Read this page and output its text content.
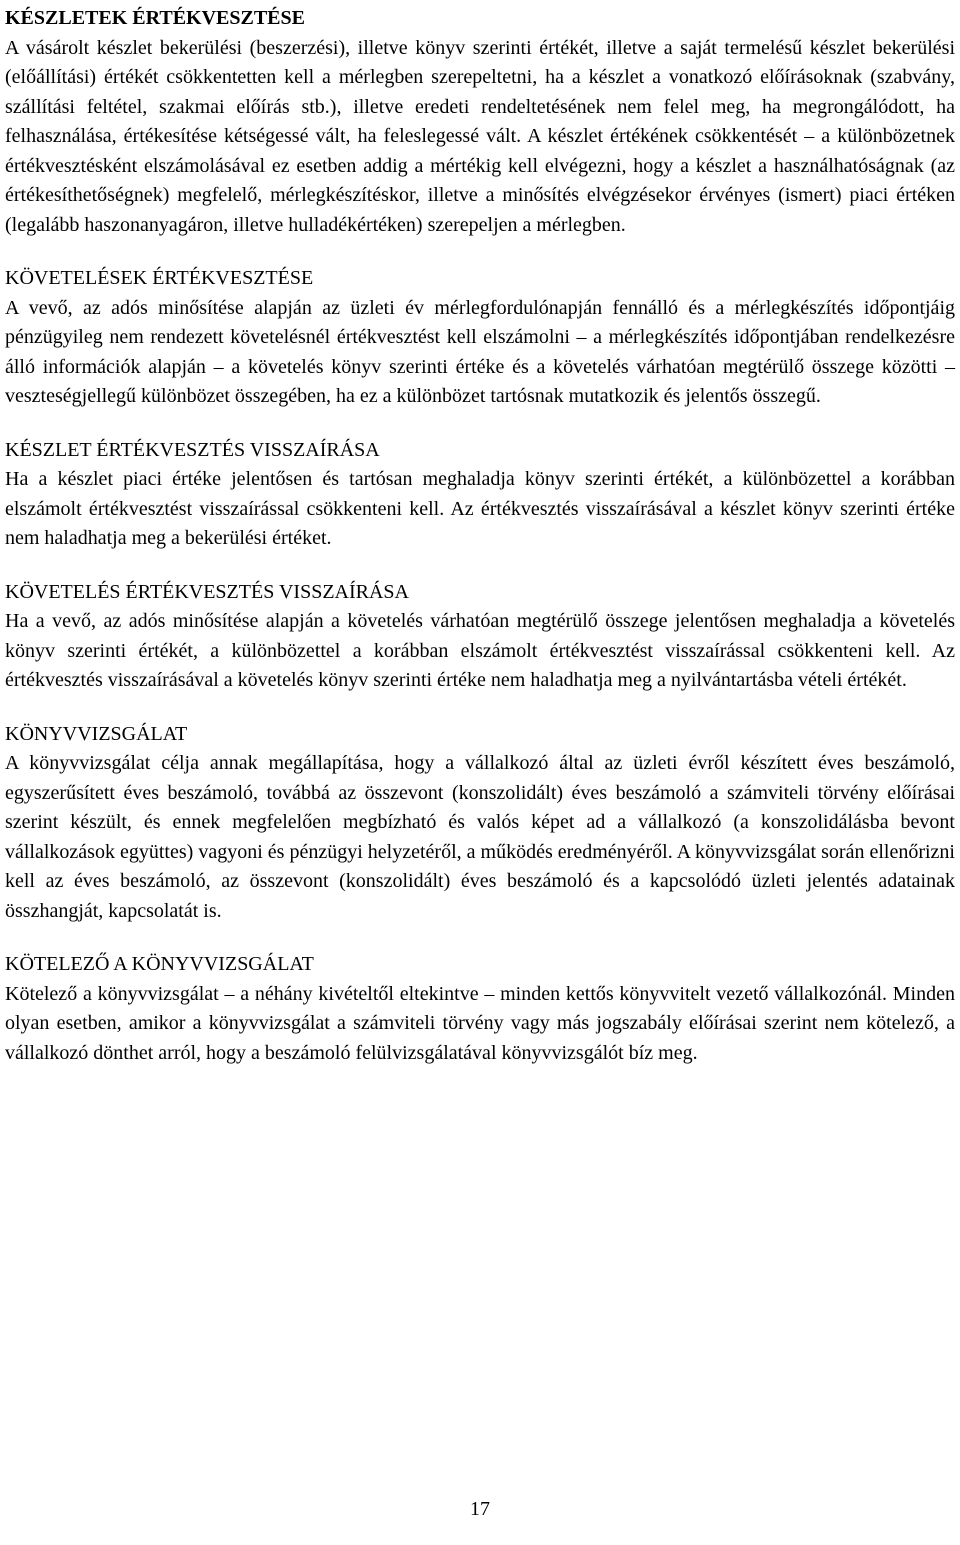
KÉSZLETEK ÉRTÉKVESZTÉSE

A vásárolt készlet bekerülési (beszerzési), illetve könyv szerinti értékét, illetve a saját termelésű készlet bekerülési (előállítási) értékét csökkentetten kell a mérlegben szerepeltetni, ha a készlet a vonatkozó előírásoknak (szabvány, szállítási feltétel, szakmai előírás stb.), illetve eredeti rendeltetésének nem felel meg, ha megrongálódott, ha felhasználása, értékesítése kétségessé vált, ha feleslegessé vált. A készlet értékének csökkentését – a különbözetnek értékvesztésként elszámolásával ez esetben addig a mértékig kell elvégezni, hogy a készlet a használhatóságnak (az értékesíthetőségnek) megfelelő, mérlegkészítéskor, illetve a minősítés elvégzésekor érvényes (ismert) piaci értéken (legalább haszonanyagáron, illetve hulladékértéken) szerepeljen a mérlegben.

KÖVETELÉSEK ÉRTÉKVESZTÉSE

A vevő, az adós minősítése alapján az üzleti év mérlegfordulónapján fennálló és a mérlegkészítés időpontjáig pénzügyileg nem rendezett követelésnél értékvesztést kell elszámolni – a mérlegkészítés időpontjában rendelkezésre álló információk alapján – a követelés könyv szerinti értéke és a követelés várhatóan megtérülő összege közötti – veszteségjellegű különbözet összegében, ha ez a különbözet tartósnak mutatkozik és jelentős összegű.

KÉSZLET ÉRTÉKVESZTÉS VISSZAÍRÁSA

Ha a készlet piaci értéke jelentősen és tartósan meghaladja könyv szerinti értékét, a különbözettel a korábban elszámolt értékvesztést visszaírással csökkenteni kell. Az értékvesztés visszaírásával a készlet könyv szerinti értéke nem haladhatja meg a bekerülési értéket.

KÖVETELÉS ÉRTÉKVESZTÉS VISSZAÍRÁSA

Ha a vevő, az adós minősítése alapján a követelés várhatóan megtérülő összege jelentősen meghaladja a követelés könyv szerinti értékét, a különbözettel a korábban elszámolt értékvesztést visszaírással csökkenteni kell. Az értékvesztés visszaírásával a követelés könyv szerinti értéke nem haladhatja meg a nyilvántartásba vételi értékét.

KÖNYVVIZSGÁLAT

A könyvvizsgálat célja annak megállapítása, hogy a vállalkozó által az üzleti évről készített éves beszámoló, egyszerűsített éves beszámoló, továbbá az összevont (konszolidált) éves beszámoló a számviteli törvény előírásai szerint készült, és ennek megfelelően megbízható és valós képet ad a vállalkozó (a konszolidálásba bevont vállalkozások együttes) vagyoni és pénzügyi helyzetéről, a működés eredményéről. A könyvvizsgálat során ellenőrizni kell az éves beszámoló, az összevont (konszolidált) éves beszámoló és a kapcsolódó üzleti jelentés adatainak összhangját, kapcsolatát is.

KÖTELEZŐ A KÖNYVVIZSGÁLAT

Kötelező a könyvvizsgálat – a néhány kivételtől eltekintve – minden kettős könyvvitelt vezető vállalkozónál. Minden olyan esetben, amikor a könyvvizsgálat a számviteli törvény vagy más jogszabály előírásai szerint nem kötelező, a vállalkozó dönthet arról, hogy a beszámoló felülvizsgálatával könyvvizsgálót bíz meg.

17
